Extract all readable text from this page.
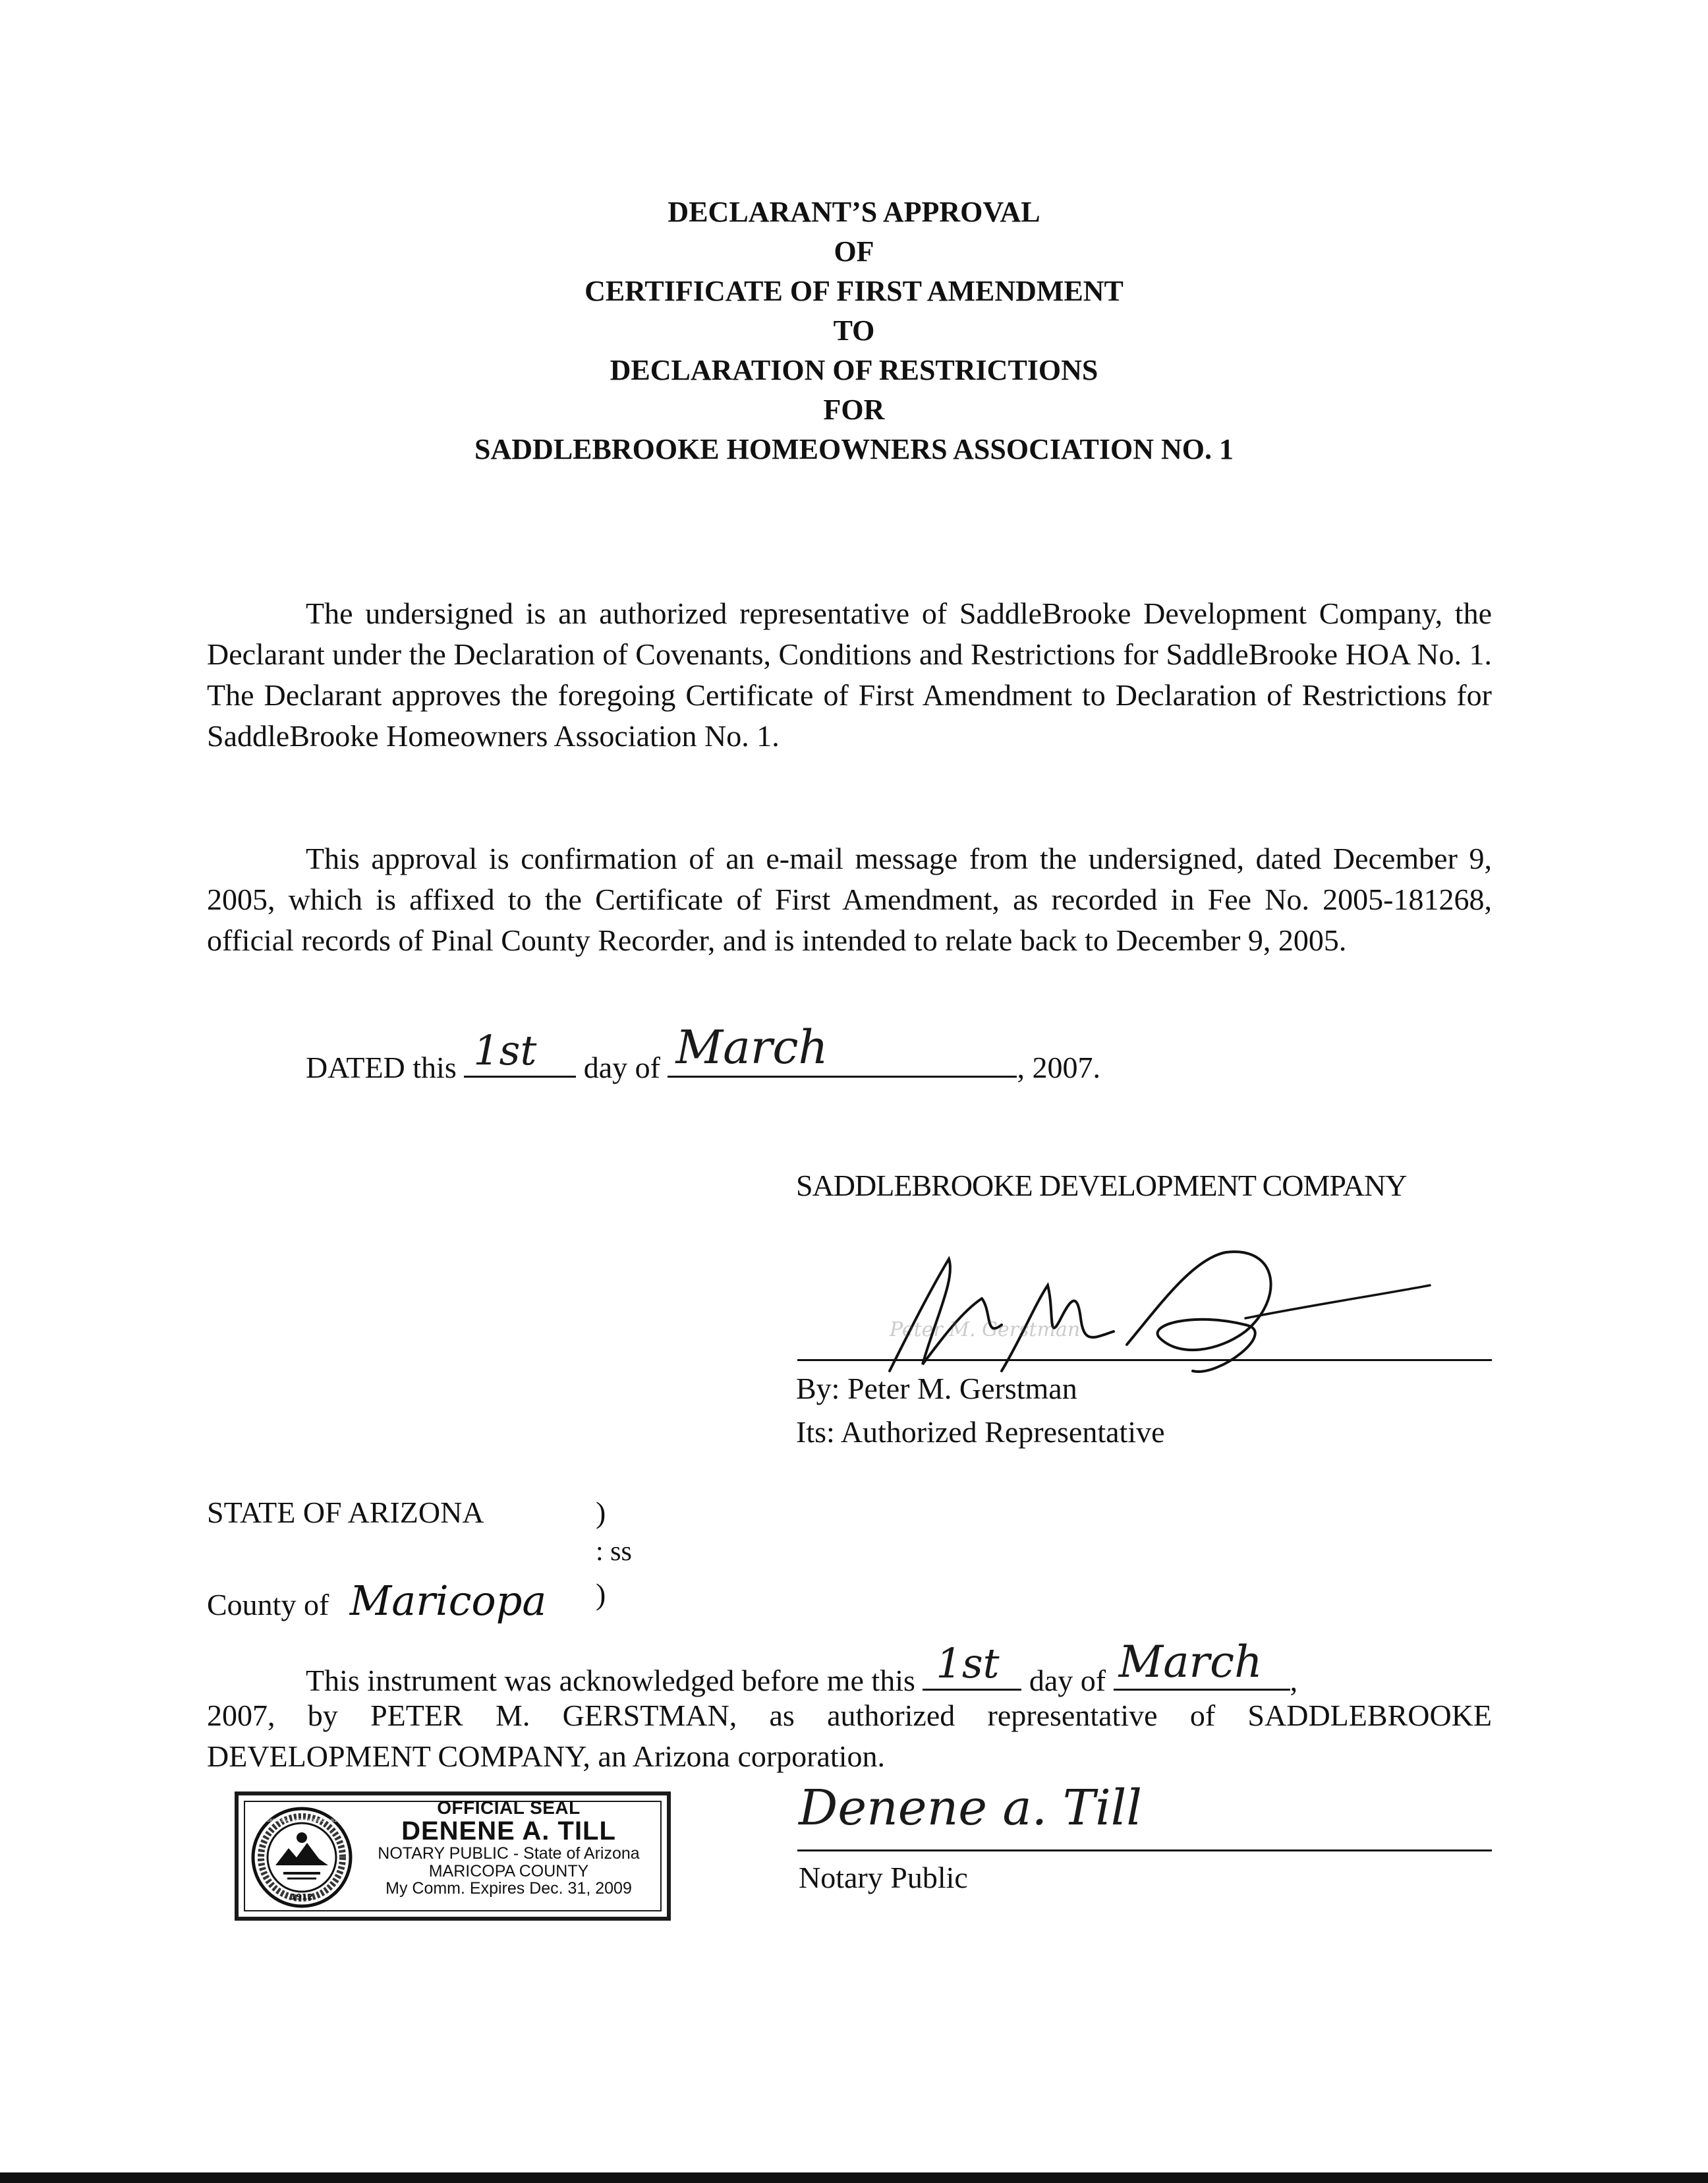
DECLARANT’S APPROVAL
OF
CERTIFICATE OF FIRST AMENDMENT
TO
DECLARATION OF RESTRICTIONS
FOR
SADDLEBROOKE HOMEOWNERS ASSOCIATION NO. 1

The undersigned is an authorized representative of SaddleBrooke Development Company, the Declarant under the Declaration of Covenants, Conditions and Restrictions for SaddleBrooke HOA No. 1. The Declarant approves the foregoing Certificate of First Amendment to Declaration of Restrictions for SaddleBrooke Homeowners Association No. 1.

This approval is confirmation of an e-mail message from the undersigned, dated December 9, 2005, which is affixed to the Certificate of First Amendment, as recorded in Fee No. 2005-181268, official records of Pinal County Recorder, and is intended to relate back to December 9, 2005.

DATED this 1st day of March	, 2007.
SADDLEBROOKE DEVELOPMENT COMPANY
Peter M. Gerstman
By: Peter M. Gerstman
Its: Authorized Representative
STATE OF ARIZONA	)
: ss
County of Maricopa )
This instrument was acknowledged before me this 1st day of March ,
2007, by PETER M. GERSTMAN, as authorized representative of SADDLEBROOKE
DEVELOPMENT COMPANY, an Arizona corporation.
Denene a. Till
Notary Public
1912
THE GREAT SEAL OF THE STATE OF ARIZONA
OFFICIAL SEAL
DENENE A. TILL
NOTARY PUBLIC - State of Arizona
MARICOPA COUNTY
My Comm. Expires Dec. 31, 2009
